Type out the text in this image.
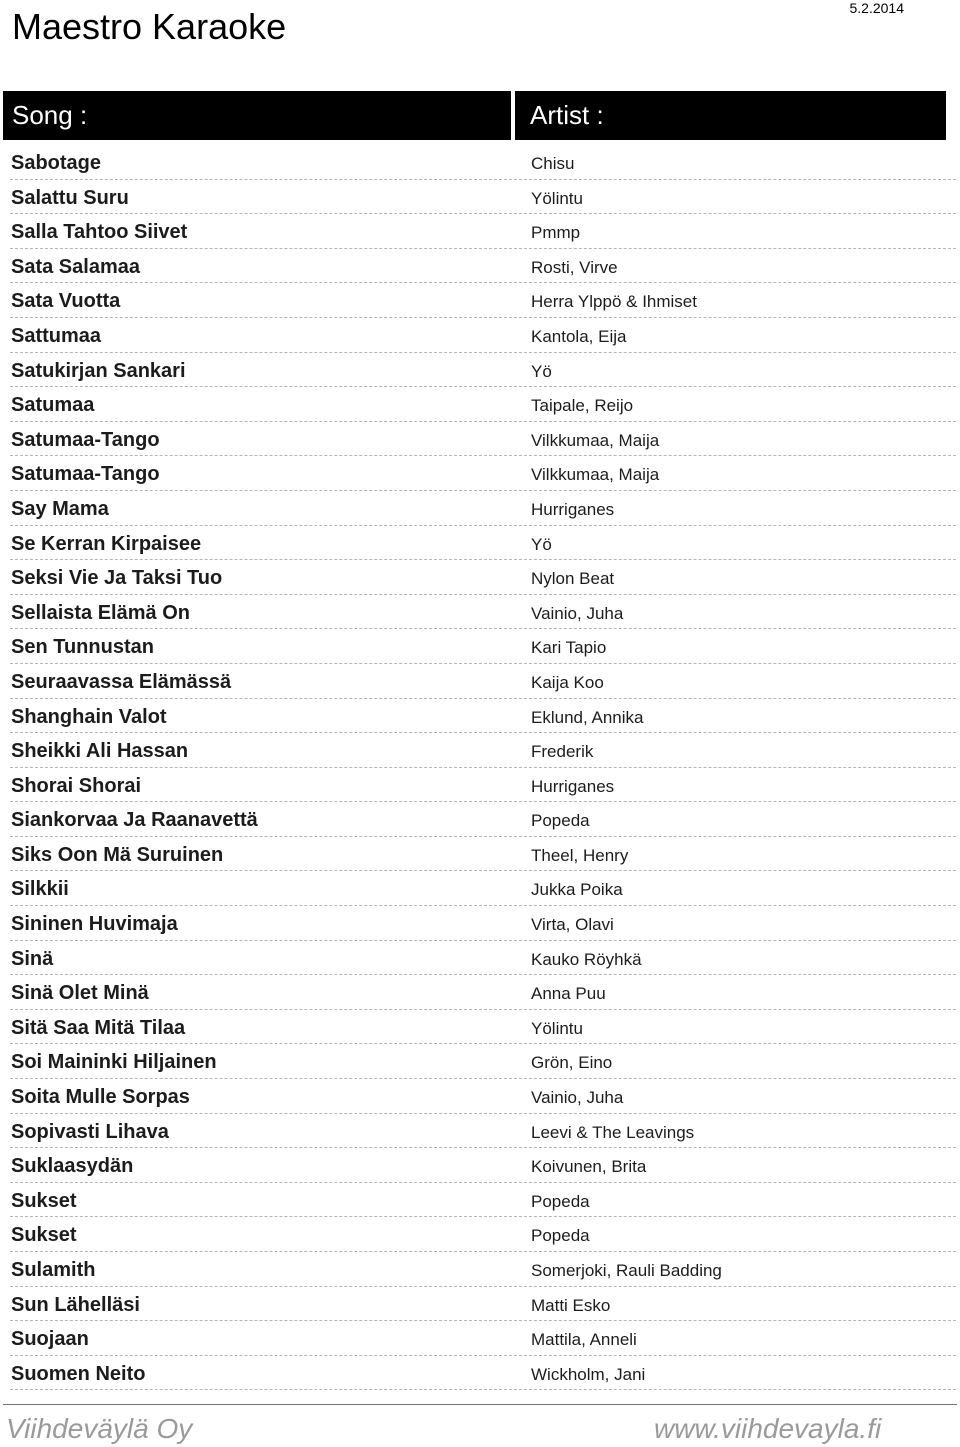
Maestro Karaoke	5.2.2014
Song :	Artist :
Sabotage	Chisu
Salattu Suru	Yölintu
Salla Tahtoo Siivet	Pmmp
Sata Salamaa	Rosti, Virve
Sata Vuotta	Herra Ylppö & Ihmiset
Sattumaa	Kantola, Eija
Satukirjan Sankari	Yö
Satumaa	Taipale, Reijo
Satumaa-Tango	Vilkkumaa, Maija
Satumaa-Tango	Vilkkumaa, Maija
Say Mama	Hurriganes
Se Kerran Kirpaisee	Yö
Seksi Vie Ja Taksi Tuo	Nylon Beat
Sellaista Elämä On	Vainio, Juha
Sen Tunnustan	Kari Tapio
Seuraavassa Elämässä	Kaija Koo
Shanghain Valot	Eklund, Annika
Sheikki Ali Hassan	Frederik
Shorai Shorai	Hurriganes
Siankorvaa Ja Raanavettä	Popeda
Siks Oon Mä Suruinen	Theel, Henry
Silkkii	Jukka Poika
Sininen Huvimaja	Virta, Olavi
Sinä	Kauko Röyhkä
Sinä Olet Minä	Anna Puu
Sitä Saa Mitä Tilaa	Yölintu
Soi Maininki Hiljainen	Grön, Eino
Soita Mulle Sorpas	Vainio, Juha
Sopivasti Lihava	Leevi & The Leavings
Suklaasydän	Koivunen, Brita
Sukset	Popeda
Sukset	Popeda
Sulamith	Somerjoki, Rauli Badding
Sun Lähelläsi	Matti Esko
Suojaan	Mattila, Anneli
Suomen Neito	Wickholm, Jani
Viihdeväylä Oy	www.viihdevayla.fi
